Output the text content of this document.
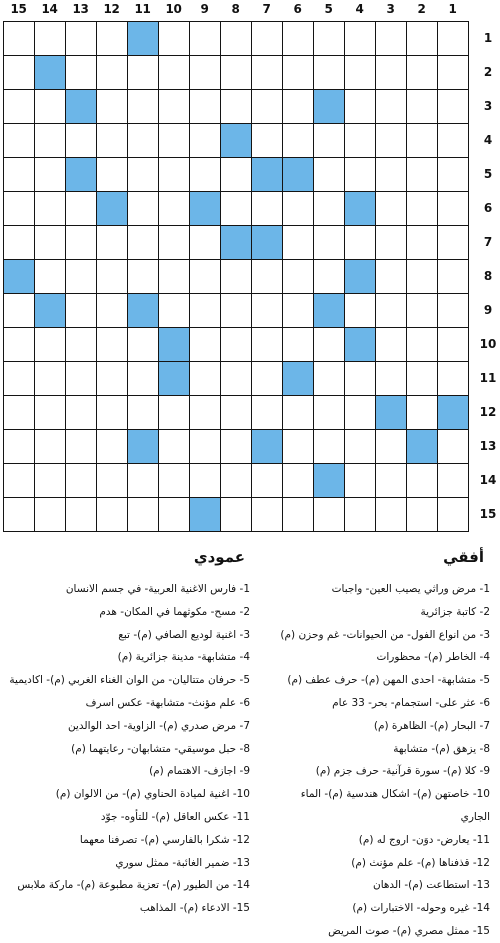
1
2
3
4
5
6
7
8
9
10
11
12
13
14
15
1
2
3
4
5
6
7
8
9
10
11
12
13
14
15
أفقي
عمودي
1- مرض وراثي يصيب العين- واجبات
2- كاتبة جزائرية
3- من انواع الفول- من الحيوانات- غم وحزن (م)
4- الخاطر (م)- محظورات
5- متشابهة- احدى المهن (م)- حرف عطف (م)
6- عثر على- استجمام- بحر- 33 عام
7- البحار (م)- الظاهرة (م)
8- يزهق (م)- متشابهة
9- كلا (م)- سورة قرآنية- حرف جزم (م)
10- خاصتهن (م)- اشكال هندسية (م)- الماء الجاري
11- يعارض- دوَن- اروج له (م)
12- قذفناها (م)- علم مؤنث (م)
13- استطاعت (م)- الدهان
14- غيره وحوله- الاختبارات (م)
15- ممثل مصري (م)- صوت المريض
1- فارس الاغنية العربية- في جسم الانسان
2- مسح- مكوثهما في المكان- هدم
3- اغنية لوديع الصافي (م)- تبع
4- متشابهة- مدينة جزائرية (م)
5- حرفان متتاليان- من الوان الغناء الغربي (م)- اكاديمية
6- علم مؤنث- متشابهة- عكس اسرف
7- مرض صدري (م)- الزاوية- احد الوالدين
8- حبل موسيقي- متشابهان- رعايتهما (م)
9- اجازف- الاهتمام (م)
10- اغنية لميادة الحناوي (م)- من الالوان (م)
11- عكس العاقل (م)- للتأوه- جوّد
12- شكرا بالفارسي (م)- تصرفنا معهما
13- ضمير الغائبة- ممثل سوري
14- من الطيور (م)- تعزية مطبوعة (م)- ماركة ملابس
15- الادعاء (م)- المذاهب
